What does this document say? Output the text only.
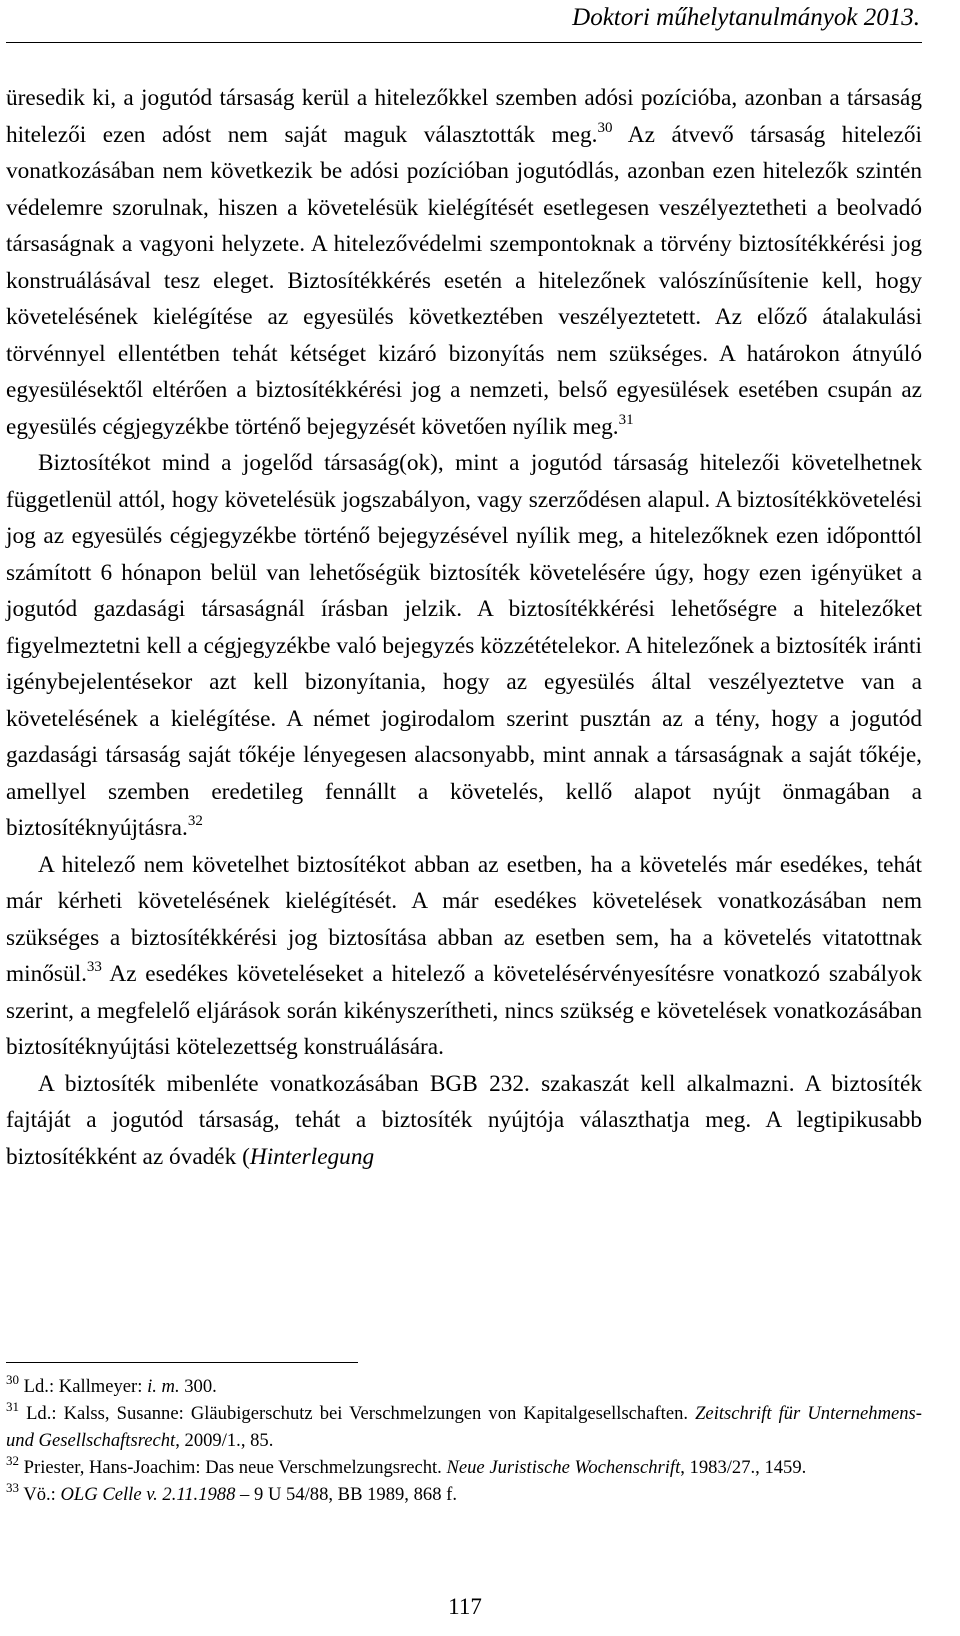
Doktori műhelytanulmányok 2013.

üresedik ki, a jogutód társaság kerül a hitelezőkkel szemben adósi pozícióba, azonban a társaság hitelezői ezen adóst nem saját maguk választották meg.$^{30}$ Az átvevő társaság hitelezői vonatkozásában nem következik be adósi pozícióban jogutódlás, azonban ezen hitelezők szintén védelemre szorulnak, hiszen a követelésük kielégítését esetlegesen veszélyeztetheti a beolvadó társaságnak a vagyoni helyzete. A hitelezővédelmi szempontoknak a törvény biztosítékkérési jog konstruálásával tesz eleget. Biztosítékkérés esetén a hitelezőnek valószínűsítenie kell, hogy követelésének kielégítése az egyesülés következtében veszélyeztetett. Az előző átalakulási törvénnyel ellentétben tehát kétséget kizáró bizonyítás nem szükséges. A határokon átnyúló egyesülésektől eltérően a biztosítékkérési jog a nemzeti, belső egyesülések esetében csupán az egyesülés cégjegyzékbe történő bejegyzését követően nyílik meg.$^{31}$

Biztosítékot mind a jogelőd társaság(ok), mint a jogutód társaság hitelezői követelhetnek függetlenül attól, hogy követelésük jogszabályon, vagy szerződésen alapul. A biztosítékkövetelési jog az egyesülés cégjegyzékbe történő bejegyzésével nyílik meg, a hitelezőknek ezen időponttól számított 6 hónapon belül van lehetőségük biztosíték követelésére úgy, hogy ezen igényüket a jogutód gazdasági társaságnál írásban jelzik. A biztosítékkérési lehetőségre a hitelezőket figyelmeztetni kell a cégjegyzékbe való bejegyzés közzétételekor. A hitelezőnek a biztosíték iránti igénybejelentésekor azt kell bizonyítania, hogy az egyesülés által veszélyeztetve van a követelésének a kielégítése. A német jogirodalom szerint pusztán az a tény, hogy a jogutód gazdasági társaság saját tőkéje lényegesen alacsonyabb, mint annak a társaságnak a saját tőkéje, amellyel szemben eredetileg fennállt a követelés, kellő alapot nyújt önmagában a biztosítéknyújtásra.$^{32}$

A hitelező nem követelhet biztosítékot abban az esetben, ha a követelés már esedékes, tehát már kérheti követelésének kielégítését. A már esedékes követelések vonatkozásában nem szükséges a biztosítékkérési jog biztosítása abban az esetben sem, ha a követelés vitatottnak minősül.$^{33}$ Az esedékes követeléseket a hitelező a követelésérvényesítésre vonatkozó szabályok szerint, a megfelelő eljárások során kikényszerítheti, nincs szükség e követelések vonatkozásában biztosítéknyújtási kötelezettség konstruálására.

A biztosíték mibenléte vonatkozásában BGB 232. szakaszát kell alkalmazni. A biztosíték fajtáját a jogutód társaság, tehát a biztosíték nyújtója választhatja meg. A legtipikusabb biztosítékként az óvadék (Hinterlegung

$^{30}$ Ld.: Kallmeyer: i. m. 300.

$^{31}$ Ld.: Kalss, Susanne: Gläubigerschutz bei Verschmelzungen von Kapitalgesellschaften. Zeitschrift für Unternehmens- und Gesellschaftsrecht, 2009/1., 85.

$^{32}$ Priester, Hans-Joachim: Das neue Verschmelzungsrecht. Neue Juristische Wochenschrift, 1983/27., 1459.

$^{33}$ Vö.: OLG Celle v. 2.11.1988 – 9 U 54/88, BB 1989, 868 f.

117
